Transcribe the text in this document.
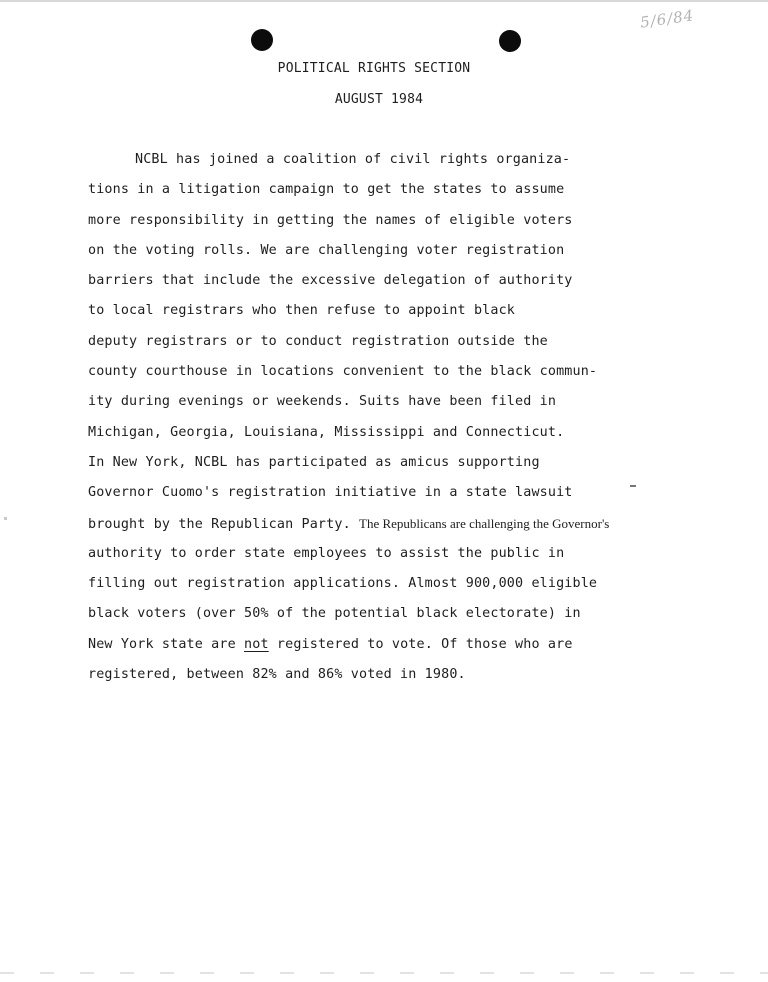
5/6/84
POLITICAL RIGHTS SECTION
AUGUST 1984
NCBL has joined a coalition of civil rights organiza-
tions in a litigation campaign to get the states to assume
more responsibility in getting the names of eligible voters
on the voting rolls. We are challenging voter registration
barriers that include the excessive delegation of authority
to local registrars who then refuse to appoint black
deputy registrars or to conduct registration outside the
county courthouse in locations convenient to the black commun-
ity during evenings or weekends. Suits have been filed in
Michigan, Georgia, Louisiana, Mississippi and Connecticut.
In New York, NCBL has participated as amicus supporting
Governor Cuomo's registration initiative in a state lawsuit
brought by the Republican Party. The Republicans are challenging the Governor's
authority to order state employees to assist the public in
filling out registration applications. Almost 900,000 eligible
black voters (over 50% of the potential black electorate) in
New York state are not registered to vote. Of those who are
registered, between 82% and 86% voted in 1980.
